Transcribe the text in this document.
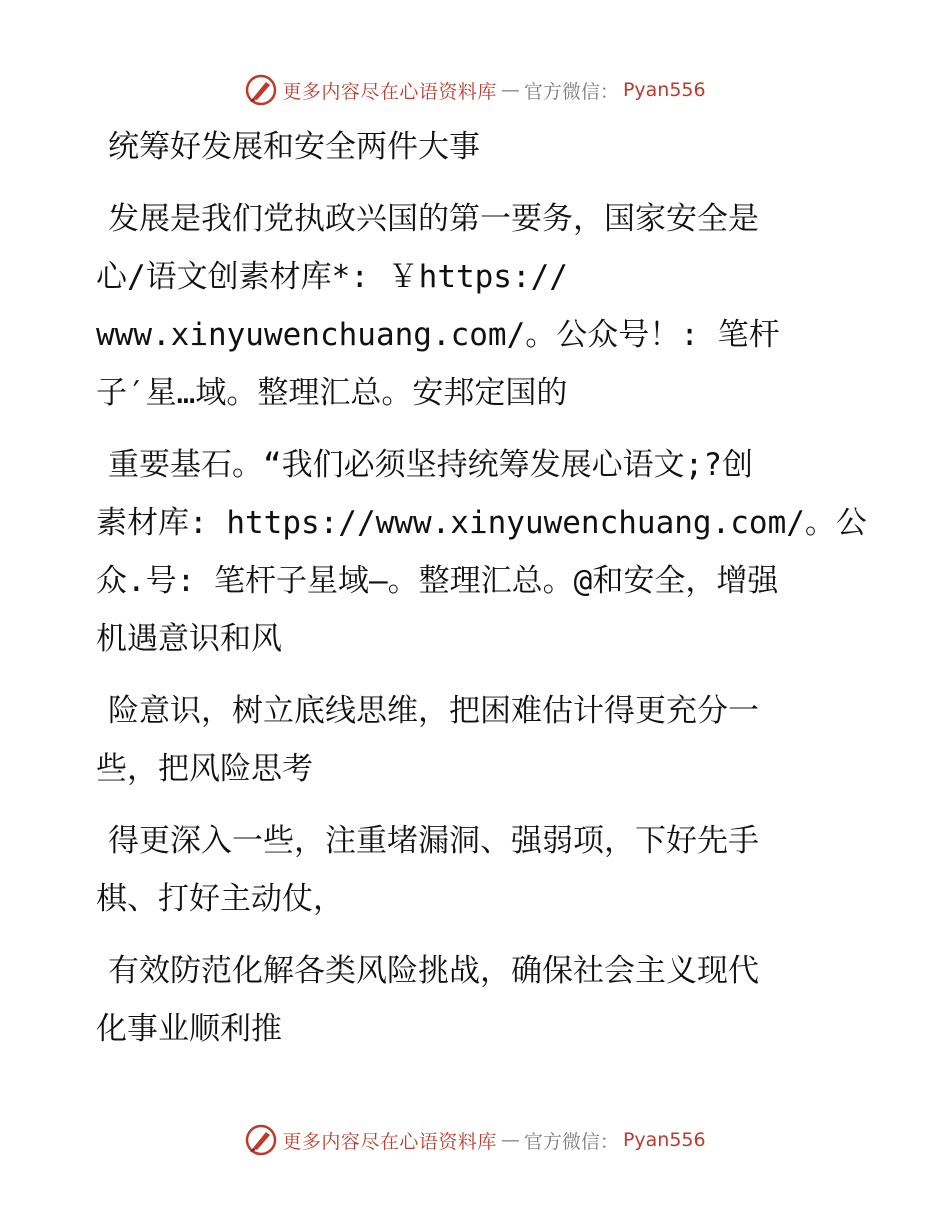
更多内容尽在心语资料库 — 官方微信： Pyan556
统筹好发展和安全两件大事
发展是我们党执政兴国的第一要务，国家安全是
心/语文创素材库*: ￥https://
www.xinyuwenchuang.com/。公众号！: 笔杆
子′星…域。整理汇总。安邦定国的
重要基石。“我们必须坚持统筹发展心语文;?创
素材库: https://www.xinyuwenchuang.com/。公
众.号: 笔杆子星域—。整理汇总。@和安全，增强
机遇意识和风
险意识，树立底线思维，把困难估计得更充分一
些，把风险思考
得更深入一些，注重堵漏洞、强弱项，下好先手
棋、打好主动仗，
有效防范化解各类风险挑战，确保社会主义现代
化事业顺利推
更多内容尽在心语资料库 — 官方微信： Pyan556
